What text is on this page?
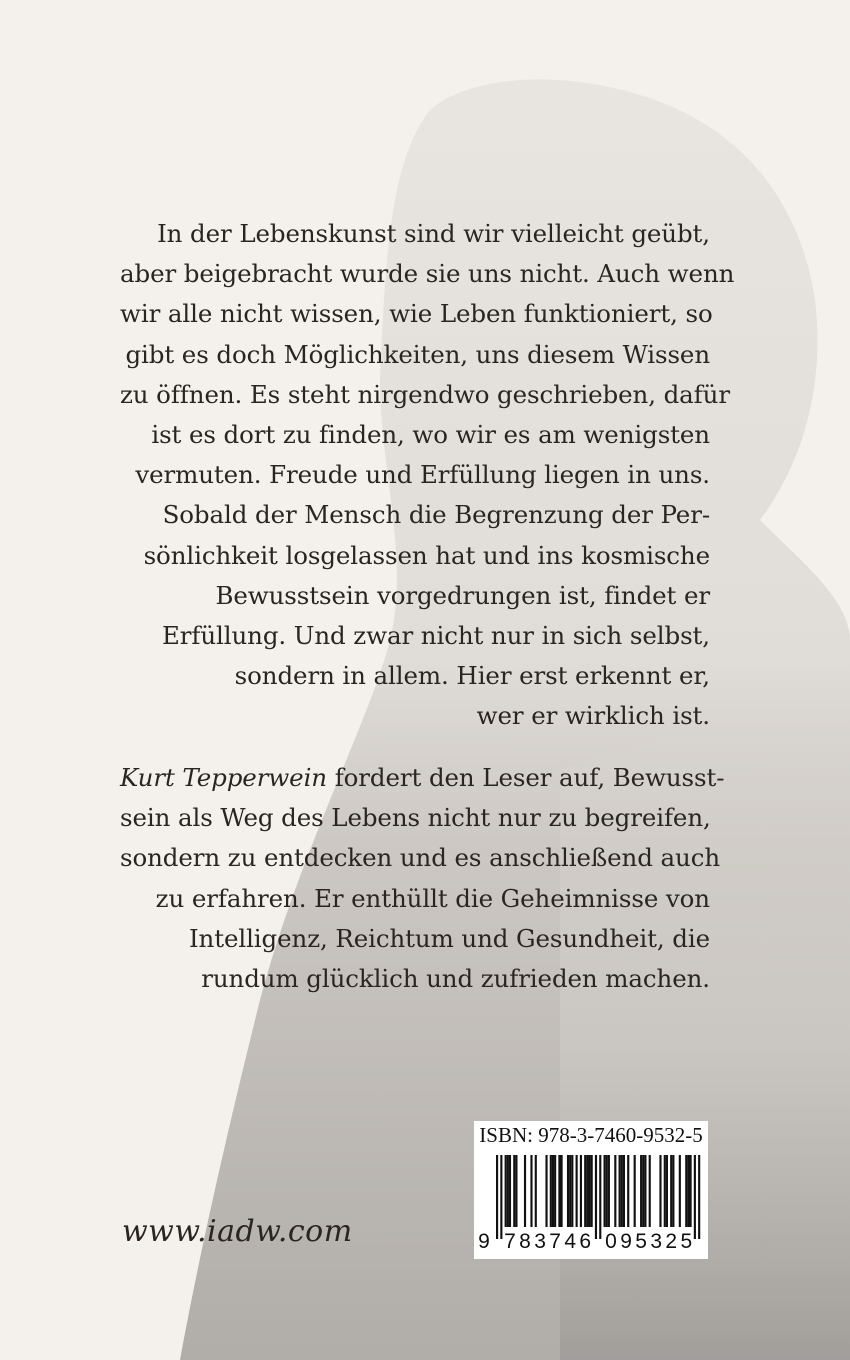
In der Lebenskunst sind wir vielleicht geübt,
aber beigebracht wurde sie uns nicht. Auch wenn
wir alle nicht wissen, wie Leben funktioniert, so
gibt es doch Möglichkeiten, uns diesem Wissen
zu öffnen. Es steht nirgendwo geschrieben, dafür
ist es dort zu finden, wo wir es am wenigsten
vermuten. Freude und Erfüllung liegen in uns.
Sobald der Mensch die Begrenzung der Per-
sönlichkeit losgelassen hat und ins kosmische
Bewusstsein vorgedrungen ist, findet er
Erfüllung. Und zwar nicht nur in sich selbst,
sondern in allem. Hier erst erkennt er,
wer er wirklich ist.

Kurt Tepperwein fordert den Leser auf, Bewusst-
sein als Weg des Lebens nicht nur zu begreifen,
sondern zu entdecken und es anschließend auch
zu erfahren. Er enthüllt die Geheimnisse von
Intelligenz, Reichtum und Gesundheit, die
rundum glücklich und zufrieden machen.

www.iadw.com
ISBN: 978-3-7460-9532-5
9 7 8 3 7 4 6 0 9 5 3 2 5
